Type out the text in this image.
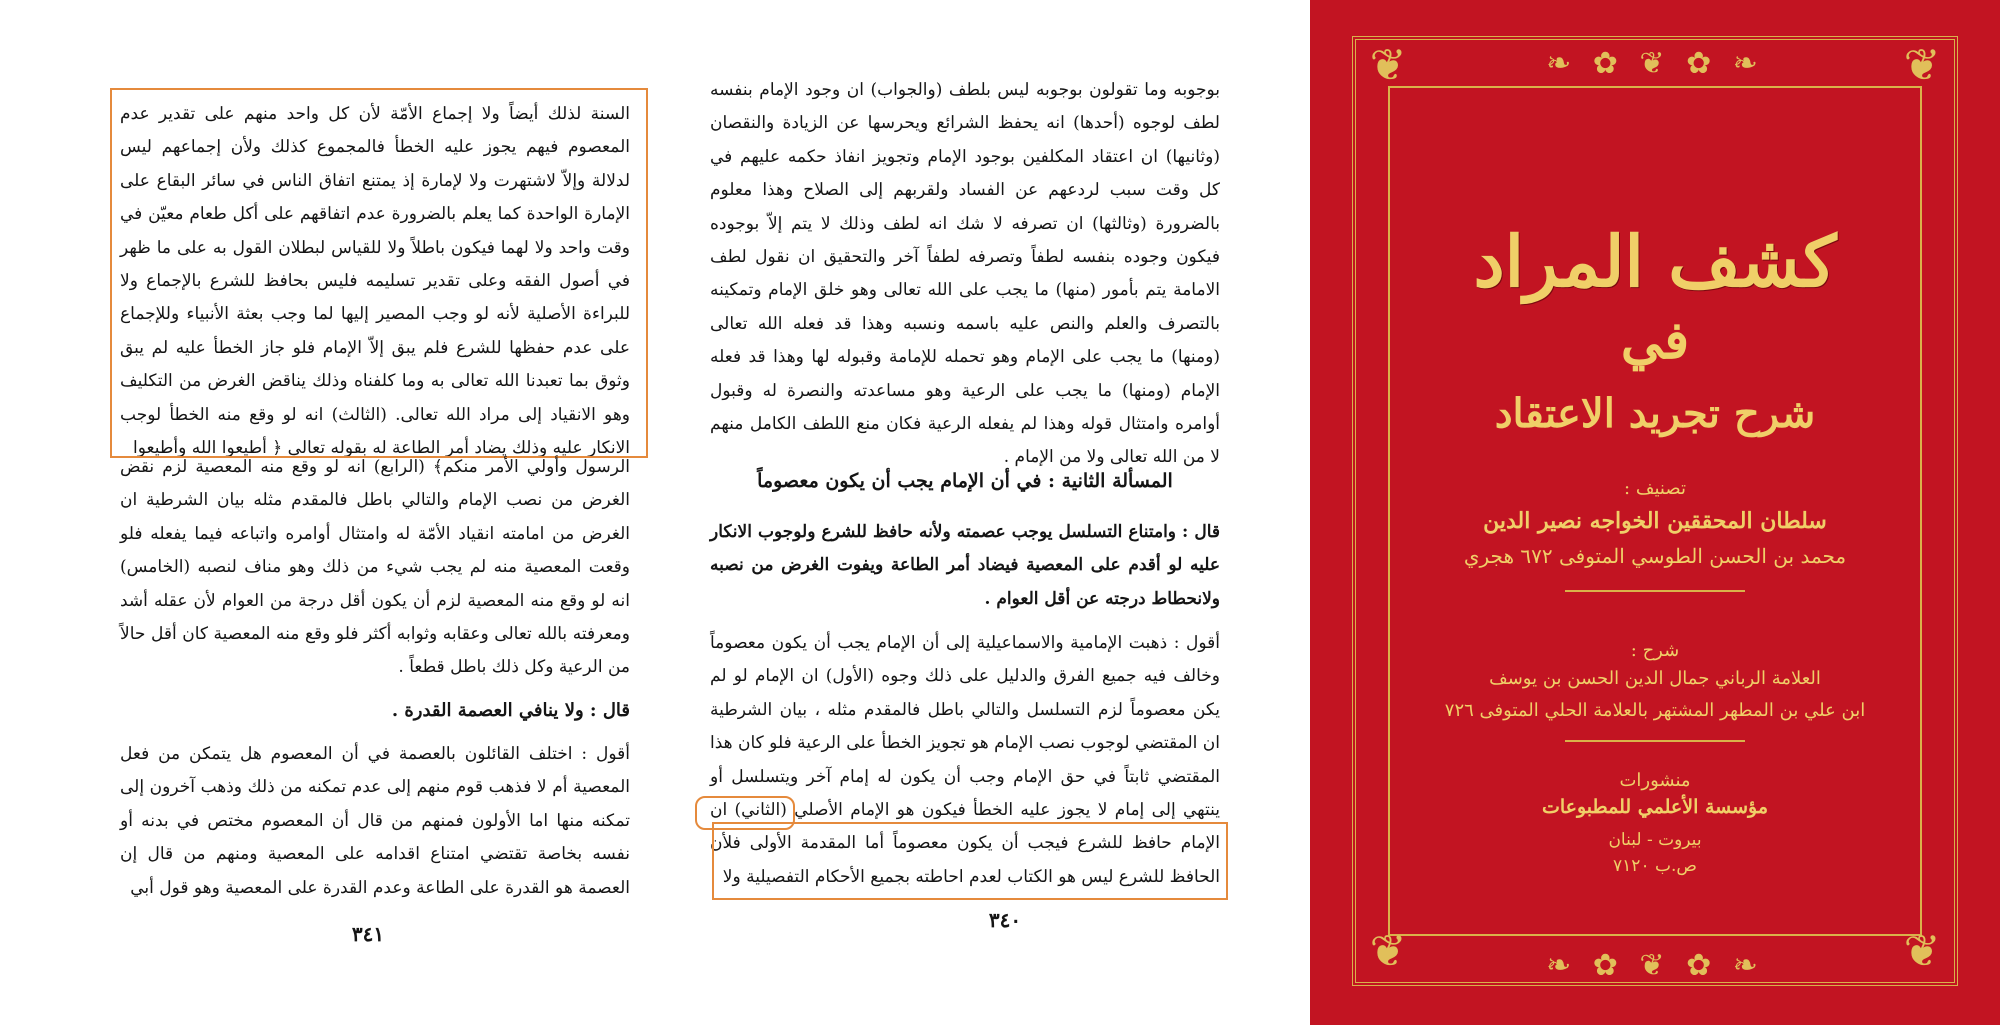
السنة لذلك أيضاً ولا إجماع الأمّة لأن كل واحد منهم على تقدير عدم المعصوم فيهم يجوز عليه الخطأ فالمجموع كذلك ولأن إجماعهم ليس لدلالة وإلاّ لاشتهرت ولا لإمارة إذ يمتنع اتفاق الناس في سائر البقاع على الإمارة الواحدة كما يعلم بالضرورة عدم اتفاقهم على أكل طعام معيّن في وقت واحد ولا لهما فيكون باطلاً ولا للقياس لبطلان القول به على ما ظهر في أصول الفقه وعلى تقدير تسليمه فليس بحافظ للشرع بالإجماع ولا للبراءة الأصلية لأنه لو وجب المصير إليها لما وجب بعثة الأنبياء وللإجماع على عدم حفظها للشرع فلم يبق إلاّ الإمام فلو جاز الخطأ عليه لم يبق وثوق بما تعبدنا الله تعالى به وما كلفناه وذلك يناقض الغرض من التكليف وهو الانقياد إلى مراد الله تعالى. (الثالث) انه لو وقع منه الخطأ لوجب الانكار عليه وذلك يضاد أمر الطاعة له بقوله تعالى ﴿ أطيعوا الله وأطيعوا

الرسول وأولي الأمر منكم﴾ (الرابع) انه لو وقع منه المعصية لزم نقض الغرض من نصب الإمام والتالي باطل فالمقدم مثله بيان الشرطية ان الغرض من امامته انقياد الأمّة له وامتثال أوامره واتباعه فيما يفعله فلو وقعت المعصية منه لم يجب شيء من ذلك وهو مناف لنصبه (الخامس) انه لو وقع منه المعصية لزم أن يكون أقل درجة من العوام لأن عقله أشد ومعرفته بالله تعالى وعقابه وثوابه أكثر فلو وقع منه المعصية كان أقل حالاً من الرعية وكل ذلك باطل قطعاً .

قال : ولا ينافي العصمة القدرة .

أقول : اختلف القائلون بالعصمة في أن المعصوم هل يتمكن من فعل المعصية أم لا فذهب قوم منهم إلى عدم تمكنه من ذلك وذهب آخرون إلى تمكنه منها اما الأولون فمنهم من قال أن المعصوم مختص في بدنه أو نفسه بخاصة تقتضي امتناع اقدامه على المعصية ومنهم من قال إن العصمة هو القدرة على الطاعة وعدم القدرة على المعصية وهو قول أبي

٣٤١

بوجوبه وما تقولون بوجوبه ليس بلطف (والجواب) ان وجود الإمام بنفسه لطف لوجوه (أحدها) انه يحفظ الشرائع ويحرسها عن الزيادة والنقصان (وثانيها) ان اعتقاد المكلفين بوجود الإمام وتجويز انفاذ حكمه عليهم في كل وقت سبب لردعهم عن الفساد ولقربهم إلى الصلاح وهذا معلوم بالضرورة (وثالثها) ان تصرفه لا شك انه لطف وذلك لا يتم إلاّ بوجوده فيكون وجوده بنفسه لطفاً وتصرفه لطفاً آخر والتحقيق ان نقول لطف الامامة يتم بأمور (منها) ما يجب على الله تعالى وهو خلق الإمام وتمكينه بالتصرف والعلم والنص عليه باسمه ونسبه وهذا قد فعله الله تعالى (ومنها) ما يجب على الإمام وهو تحمله للإمامة وقبوله لها وهذا قد فعله الإمام (ومنها) ما يجب على الرعية وهو مساعدته والنصرة له وقبول أوامره وامتثال قوله وهذا لم يفعله الرعية فكان منع اللطف الكامل منهم لا من الله تعالى ولا من الإمام .

المسألة الثانية : في أن الإمام يجب أن يكون معصوماً

قال : وامتناع التسلسل يوجب عصمته ولأنه حافظ للشرع ولوجوب الانكار عليه لو أقدم على المعصية فيضاد أمر الطاعة ويفوت الغرض من نصبه ولانحطاط درجته عن أقل العوام .

أقول : ذهبت الإمامية والاسماعيلية إلى أن الإمام يجب أن يكون معصوماً وخالف فيه جميع الفرق والدليل على ذلك وجوه (الأول) ان الإمام لو لم يكن معصوماً لزم التسلسل والتالي باطل فالمقدم مثله ، بيان الشرطية ان المقتضي لوجوب نصب الإمام هو تجويز الخطأ على الرعية فلو كان هذا المقتضي ثابتاً في حق الإمام وجب أن يكون له إمام آخر ويتسلسل أو ينتهي إلى إمام لا يجوز عليه الخطأ فيكون هو الإمام الأصلي (الثاني) ان الإمام حافظ للشرع فيجب أن يكون معصوماً أما المقدمة الأولى فلأن الحافظ للشرع ليس هو الكتاب لعدم احاطته بجميع الأحكام التفصيلية ولا

٣٤٠
❦	❦
❦	❦
❧ ✿ ❦ ✿ ❧
❧ ✿ ❦ ✿ ❧
كشف المراد
في
شرح تجريد الاعتقاد
تصنيف :
سلطان المحققين الخواجه نصير الدين
محمد بن الحسن الطوسي المتوفى ٦٧٢ هجري
شرح :
العلامة الرباني جمال الدين الحسن بن يوسف
ابن علي بن المطهر المشتهر بالعلامة الحلي المتوفى ٧٢٦
منشورات
مؤسسة الأعلمي للمطبوعات
بيروت - لبنان
ص.ب ٧١٢٠
